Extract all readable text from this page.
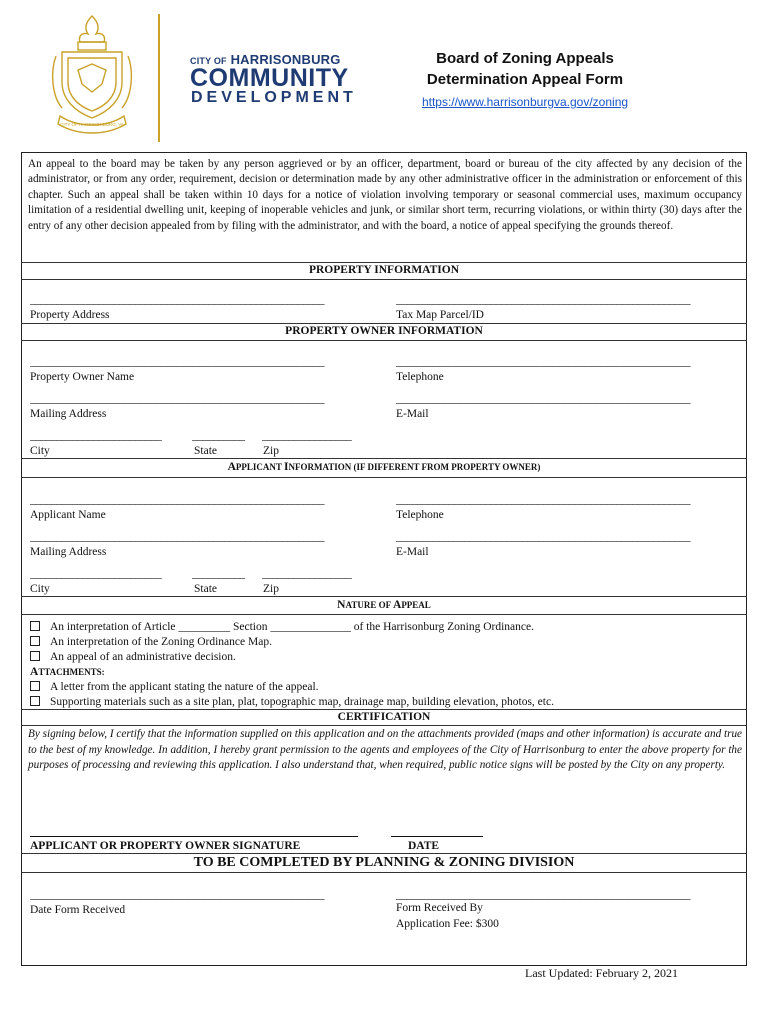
CITY OF HARRISONBURG, VA
CITY OF HARRISONBURG
COMMUNITY
DEVELOPMENT
Board of Zoning Appeals
Determination Appeal Form
https://www.harrisonburgva.gov/zoning
An appeal to the board may be taken by any person aggrieved or by an officer, department, board or bureau of the city affected by any decision of the administrator, or from any order, requirement, decision or determination made by any other administrative officer in the administration or enforcement of this chapter. Such an appeal shall be taken within 10 days for a notice of violation involving temporary or seasonal commercial uses, maximum occupancy limitation of a residential dwelling unit, keeping of inoperable vehicles and junk, or similar short term, recurring violations, or within thirty (30) days after the entry of any other decision appealed from by filing with the administrator, and with the board, a notice of appeal specifying the grounds thereof.
PROPERTY INFORMATION
________________________________________________________	________________________________________________________
Property Address	Tax Map Parcel/ID
PROPERTY OWNER INFORMATION
________________________________________________________	________________________________________________________
Property Owner Name	Telephone
________________________________________________________	________________________________________________________
Mailing Address	E-Mail
_________________________	__________	_________________
City	State	Zip
APPLICANT INFORMATION (IF DIFFERENT FROM PROPERTY OWNER)
________________________________________________________	________________________________________________________
Applicant Name	Telephone
________________________________________________________	________________________________________________________
Mailing Address	E-Mail
_________________________	__________	_________________
City	State	Zip
NATURE OF APPEAL
An interpretation of Article _________ Section ______________ of the Harrisonburg Zoning Ordinance.
An interpretation of the Zoning Ordinance Map.
An appeal of an administrative decision.
ATTACHMENTS:
A letter from the applicant stating the nature of the appeal.
Supporting materials such as a site plan, plat, topographic map, drainage map, building elevation, photos, etc.
CERTIFICATION
By signing below, I certify that the information supplied on this application and on the attachments provided (maps and other information) is accurate and true to the best of my knowledge. In addition, I hereby grant permission to the agents and employees of the City of Harrisonburg to enter the above property for the purposes of processing and reviewing this application. I also understand that, when required, public notice signs will be posted by the City on any property.
APPLICANT OR PROPERTY OWNER SIGNATURE	DATE
TO BE COMPLETED BY PLANNING & ZONING DIVISION
________________________________________________________	________________________________________________________
Date Form Received	Form Received By
Application Fee: $300
Last Updated: February 2, 2021
